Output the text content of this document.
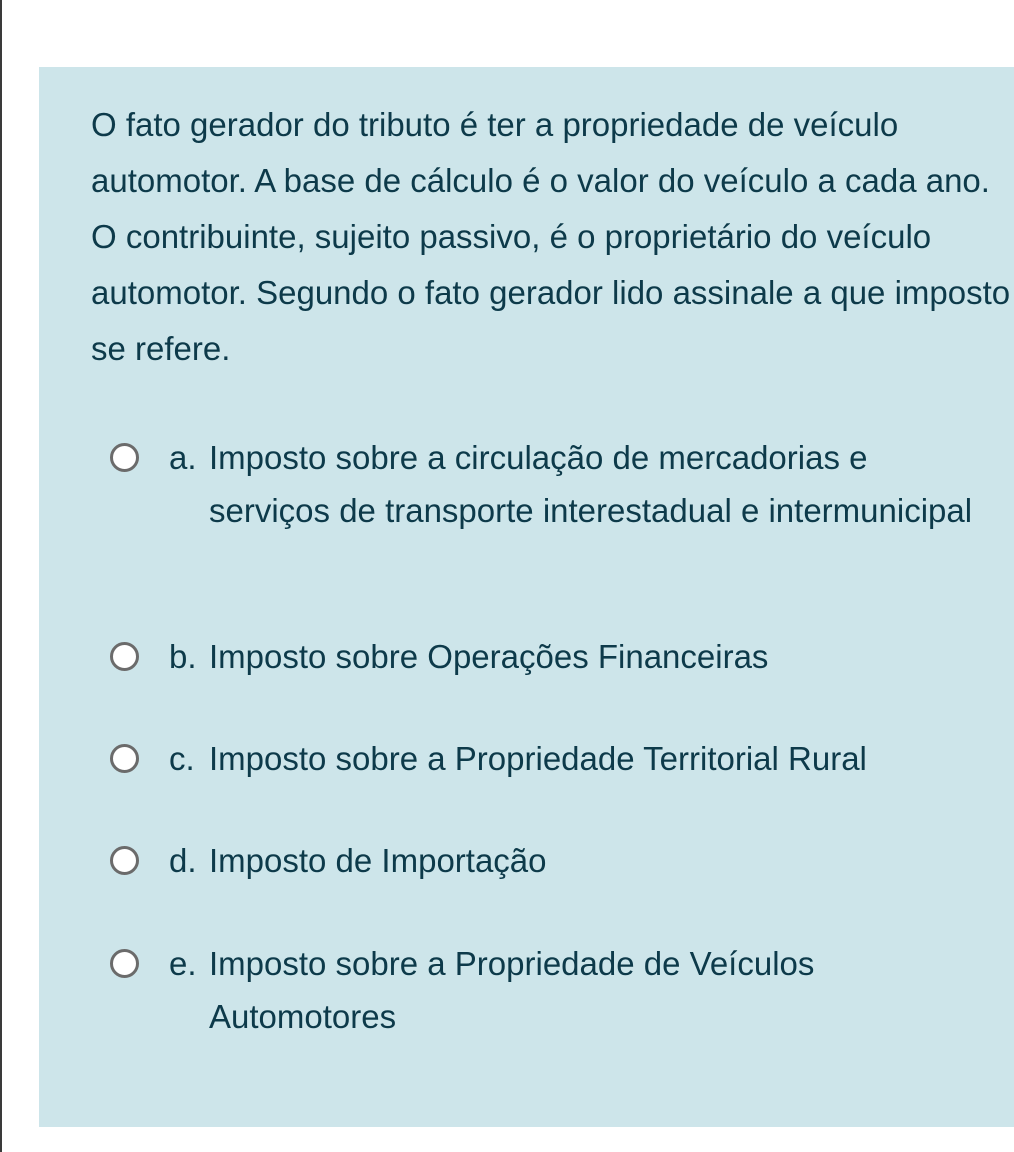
O fato gerador do tributo é ter a propriedade de veículo automotor. A base de cálculo é o valor do veículo a cada ano. O contribuinte, sujeito passivo, é o proprietário do veículo automotor. Segundo o fato gerador lido assinale a que imposto se refere.

a. Imposto sobre a circulação de mercadorias e serviços de transporte interestadual e intermunicipal
b. Imposto sobre Operações Financeiras
c. Imposto sobre a Propriedade Territorial Rural
d. Imposto de Importação
e. Imposto sobre a Propriedade de Veículos Automotores
